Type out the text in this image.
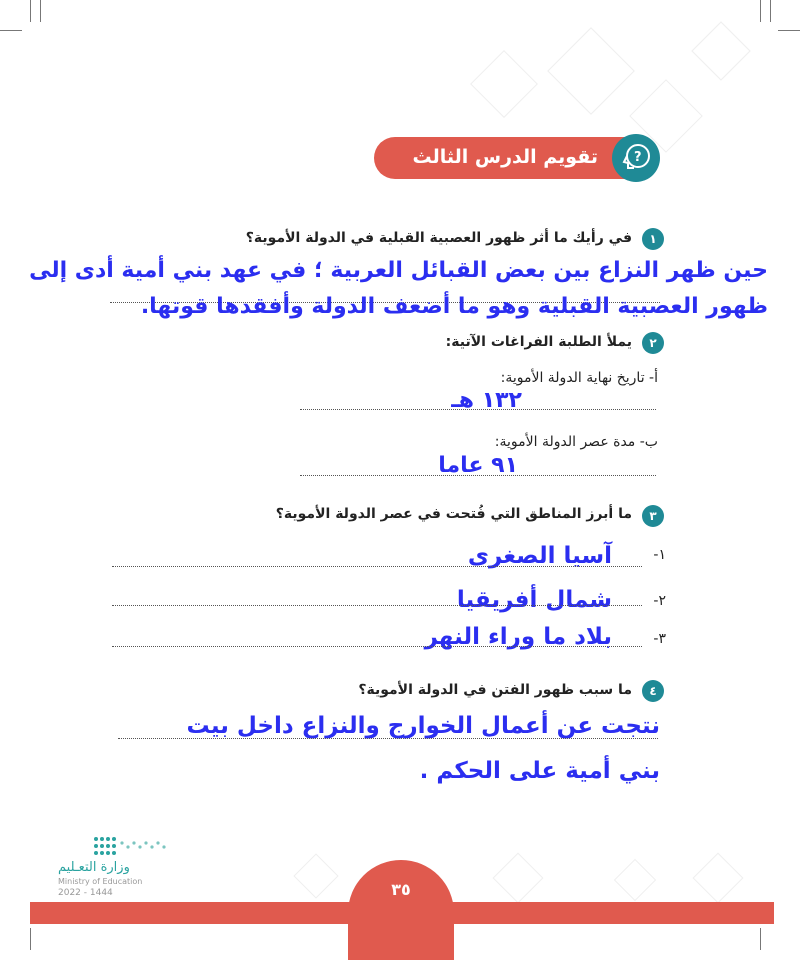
تقويم الدرس الثالث	?
١
في رأيك ما أثر ظهور العصبية القبلية في الدولة الأموية؟
حين ظهر النزاع بين بعض القبائل العربية ؛ في عهد بني أمية أدى إلى
ظهور العصبية القبلية وهو ما أضعف الدولة وأفقدها قوتها.
٢
يملأ الطلبة الفراغات الآتية:
أ- تاريخ نهاية الدولة الأموية:
١٣٢ هـ
ب- مدة عصر الدولة الأموية:
٩١ عاما
٣
ما أبرز المناطق التي فُتحت في عصر الدولة الأموية؟
١-
آسيا الصغرى
٢-
شمال أفريقيا
٣-
بلاد ما وراء النهر
٤
ما سبب ظهور الفتن في الدولة الأموية؟
نتجت عن أعمال الخوارج والنزاع داخل بيت
بني أمية على الحكم .
وزارة التعـليم
Ministry of Education
2022 - 1444	٣٥
